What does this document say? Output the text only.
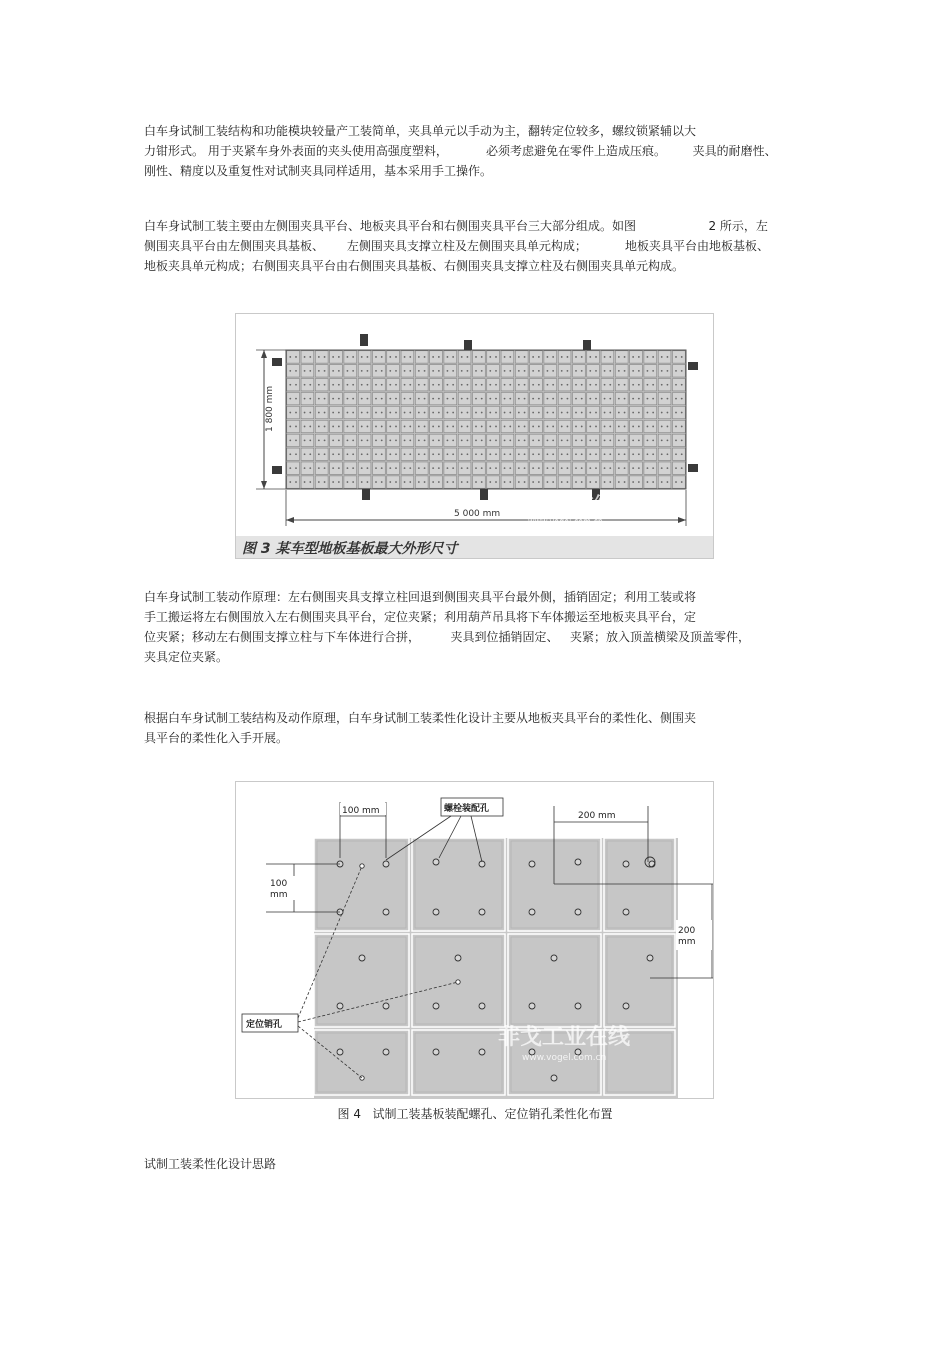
白车身试制工装结构和功能模块较量产工装简单，夹具单元以手动为主，翻转定位较多，螺纹锁紧辅以大
力钳形式。 用于夹紧车身外表面的夹头使用高强度塑料，          必须考虑避免在零件上造成压痕。       夹具的耐磨性、
刚性、精度以及重复性对试制夹具同样适用，基本采用手工操作。
白车身试制工装主要由左侧围夹具平台、地板夹具平台和右侧围夹具平台三大部分组成。如图                   2 所示，左
侧围夹具平台由左侧围夹具基板、      左侧围夹具支撑立柱及左侧围夹具单元构成；          地板夹具平台由地板基板、
地板夹具单元构成；右侧围夹具平台由右侧围夹具基板、右侧围夹具支撑立柱及右侧围夹具单元构成。
1 800 mm
5 000 mm 非戈工业在线
www.vogel.com.cn
图 3 某车型地板基板最大外形尺寸
白车身试制工装动作原理：左右侧围夹具支撑立柱回退到侧围夹具平台最外侧，插销固定；利用工装或将
手工搬运将左右侧围放入左右侧围夹具平台，定位夹紧；利用葫芦吊具将下车体搬运至地板夹具平台，定
位夹紧；移动左右侧围支撑立柱与下车体进行合拼，        夹具到位插销固定、   夹紧；放入顶盖横梁及顶盖零件，
夹具定位夹紧。
根据白车身试制工装结构及动作原理，白车身试制工装柔性化设计主要从地板夹具平台的柔性化、侧围夹
具平台的柔性化入手开展。
100 mm	螺栓装配孔
200 mm
100
mm
200
mm
定位销孔	非戈工业在线
www.vogel.com.cn
图 4   试制工装基板装配螺孔、定位销孔柔性化布置
试制工装柔性化设计思路
